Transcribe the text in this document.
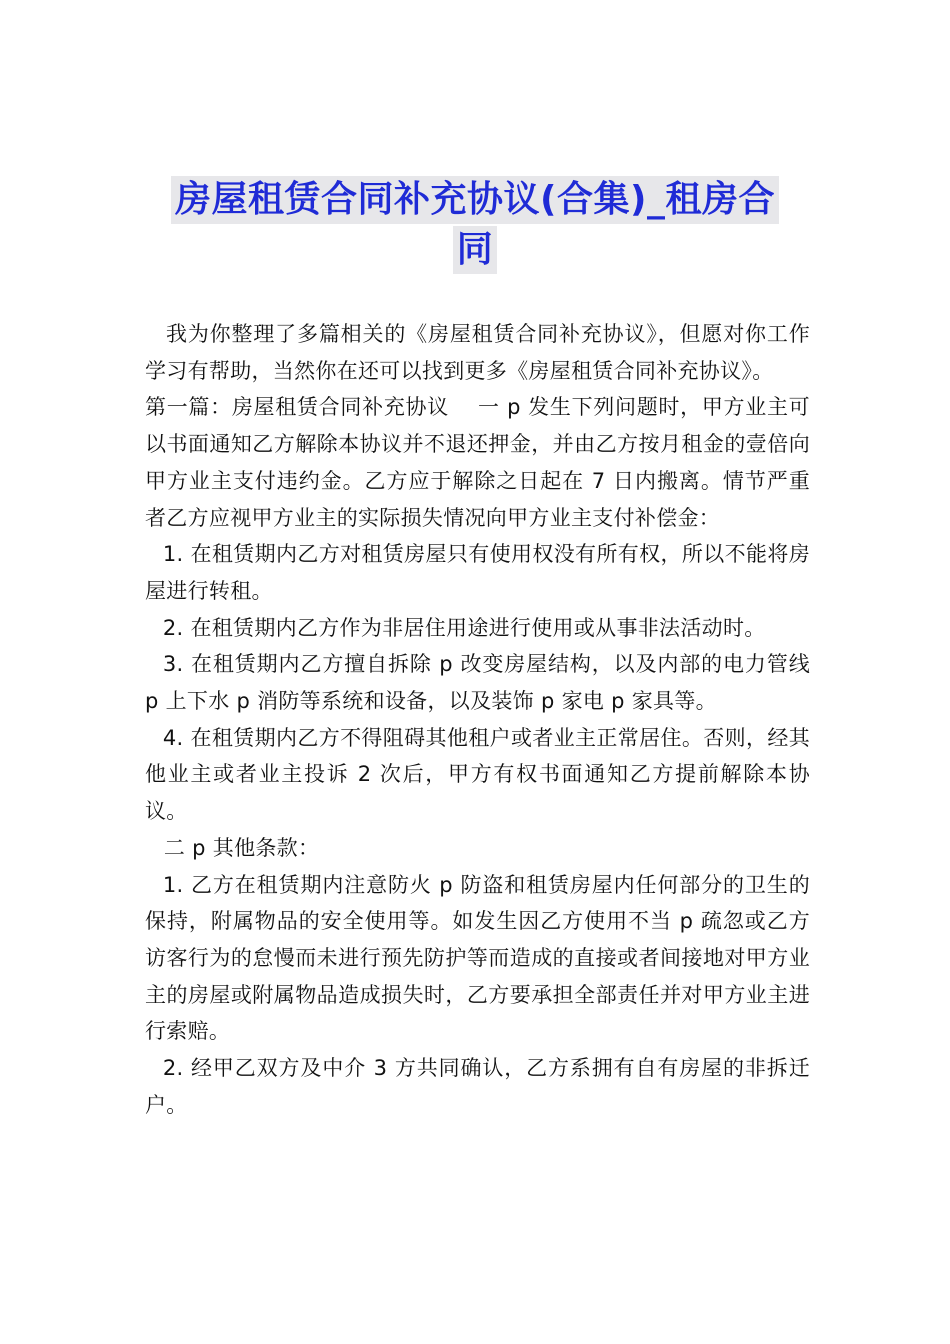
房屋租赁合同补充协议(合集)_租房合
同

我为你整理了多篇相关的《房屋租赁合同补充协议》，但愿对你工作学习有帮助，当然你在还可以找到更多《房屋租赁合同补充协议》。

第一篇：房屋租赁合同补充协议　 一 p 发生下列问题时，甲方业主可以书面通知乙方解除本协议并不退还押金，并由乙方按月租金的壹倍向甲方业主支付违约金。乙方应于解除之日起在 7 日内搬离。情节严重者乙方应视甲方业主的实际损失情况向甲方业主支付补偿金：

1. 在租赁期内乙方对租赁房屋只有使用权没有所有权，所以不能将房屋进行转租。

2. 在租赁期内乙方作为非居住用途进行使用或从事非法活动时。

3. 在租赁期内乙方擅自拆除 p 改变房屋结构，以及内部的电力管线 p 上下水 p 消防等系统和设备，以及装饰 p 家电 p 家具等。

4. 在租赁期内乙方不得阻碍其他租户或者业主正常居住。否则，经其他业主或者业主投诉 2 次后，甲方有权书面通知乙方提前解除本协议。

二 p 其他条款：

1. 乙方在租赁期内注意防火 p 防盗和租赁房屋内任何部分的卫生的保持，附属物品的安全使用等。如发生因乙方使用不当 p 疏忽或乙方访客行为的怠慢而未进行预先防护等而造成的直接或者间接地对甲方业主的房屋或附属物品造成损失时，乙方要承担全部责任并对甲方业主进行索赔。

2. 经甲乙双方及中介 3 方共同确认，乙方系拥有自有房屋的非拆迁户。
